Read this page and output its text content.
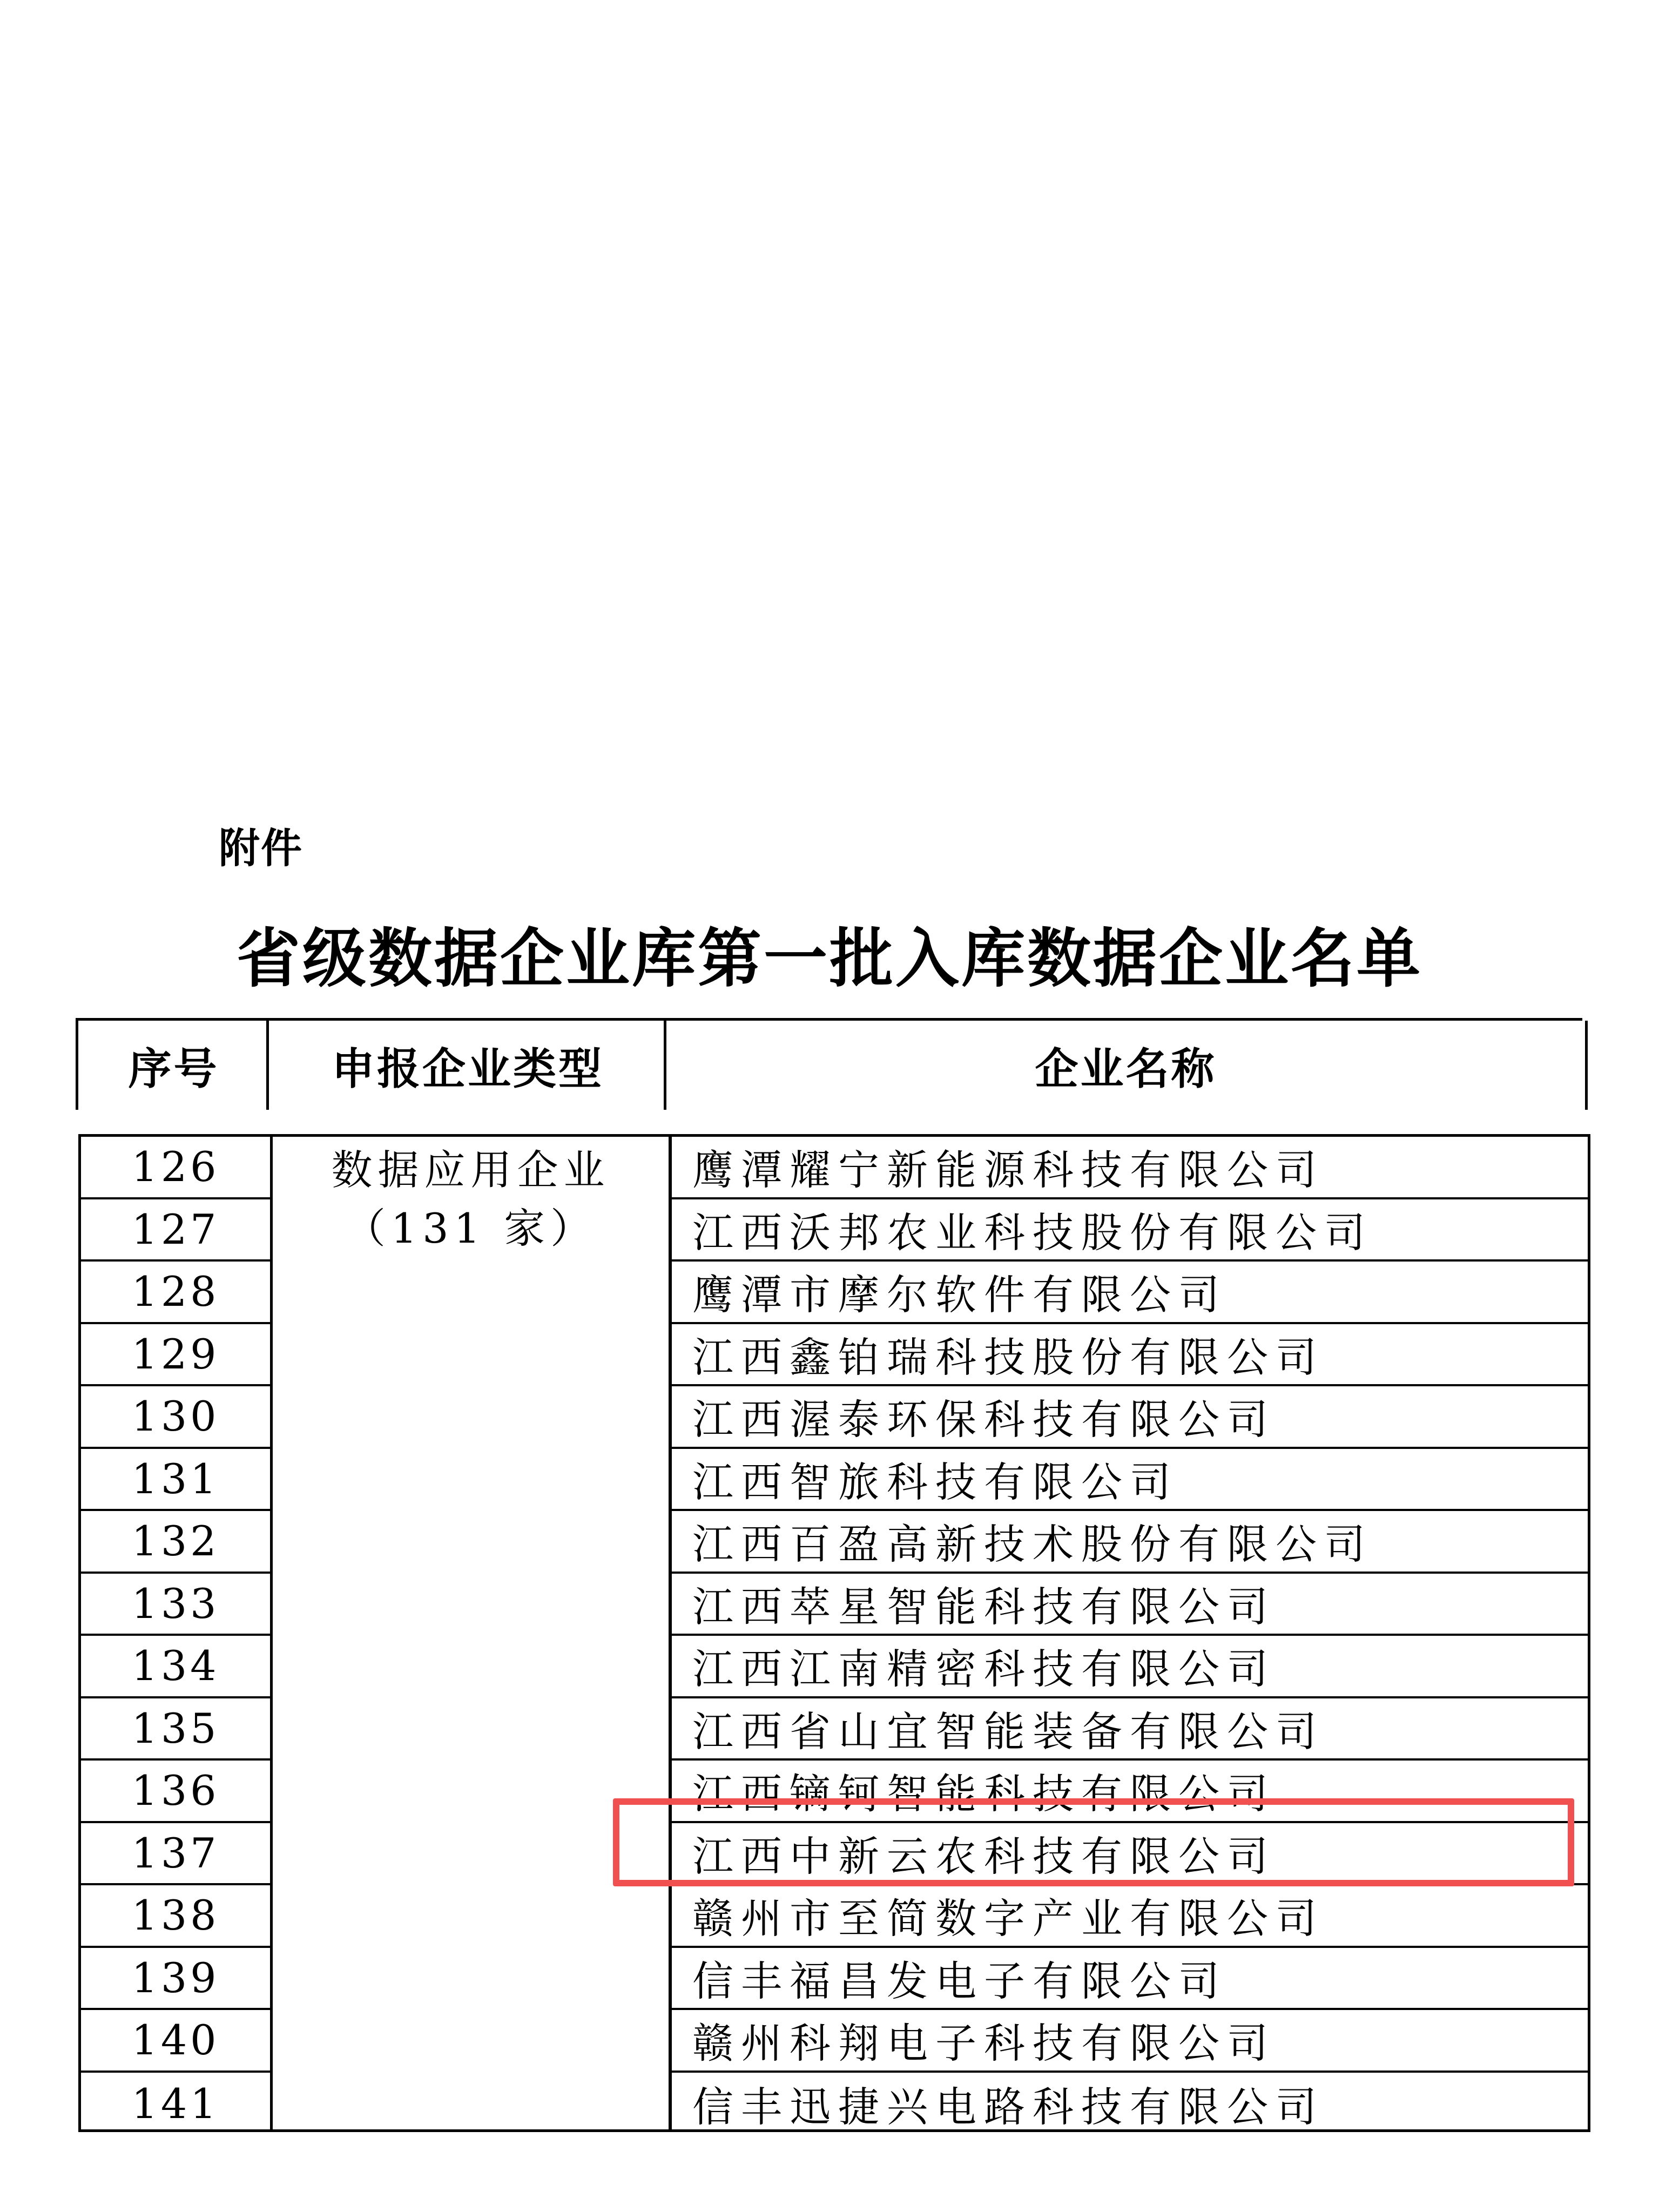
附件
省级数据企业库第一批入库数据企业名单
序号	申报企业类型	企业名称
126
127
128
129
130
131
132
133
134
135
136
137
138
139
140
141
数据应用企业
（131 家）
鹰潭耀宁新能源科技有限公司
江西沃邦农业科技股份有限公司
鹰潭市摩尔软件有限公司
江西鑫铂瑞科技股份有限公司
江西渥泰环保科技有限公司
江西智旅科技有限公司
江西百盈高新技术股份有限公司
江西萃星智能科技有限公司
江西江南精密科技有限公司
江西省山宜智能装备有限公司
江西镝钶智能科技有限公司
江西中新云农科技有限公司
赣州市至简数字产业有限公司
信丰福昌发电子有限公司
赣州科翔电子科技有限公司
信丰迅捷兴电路科技有限公司
